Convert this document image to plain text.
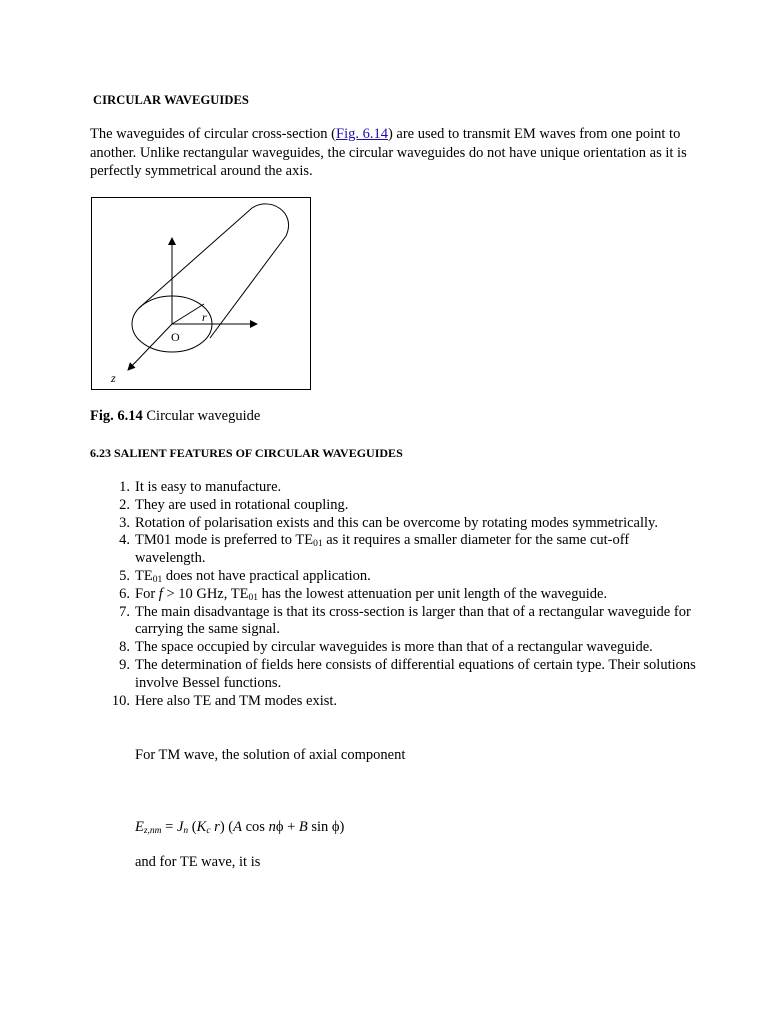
CIRCULAR WAVEGUIDES
The waveguides of circular cross-section (Fig. 6.14) are used to transmit EM waves from one point to another. Unlike rectangular waveguides, the circular waveguides do not have unique orientation as it is perfectly symmetrical around the axis.
r
O
z
Fig. 6.14 Circular waveguide
6.23 SALIENT FEATURES OF CIRCULAR WAVEGUIDES
1. It is easy to manufacture.
2. They are used in rotational coupling.
3. Rotation of polarisation exists and this can be overcome by rotating modes symmetrically.
4. TM01 mode is preferred to $TE_{01}$ as it requires a smaller diameter for the same cut-off wavelength.
5. $TE_{01}$ does not have practical application.
6. For f > 10 GHz, $TE_{01}$ has the lowest attenuation per unit length of the waveguide.
7. The main disadvantage is that its cross-section is larger than that of a rectangular waveguide for carrying the same signal.
8. The space occupied by circular waveguides is more than that of a rectangular waveguide.
9. The determination of fields here consists of differential equations of certain type. Their solutions involve Bessel functions.
10. Here also TE and TM modes exist.
For TM wave, the solution of axial component
$E_{z,nm} = J_n$ ($K_c$ r) (A cos nϕ + B sin ϕ)
and for TE wave, it is
